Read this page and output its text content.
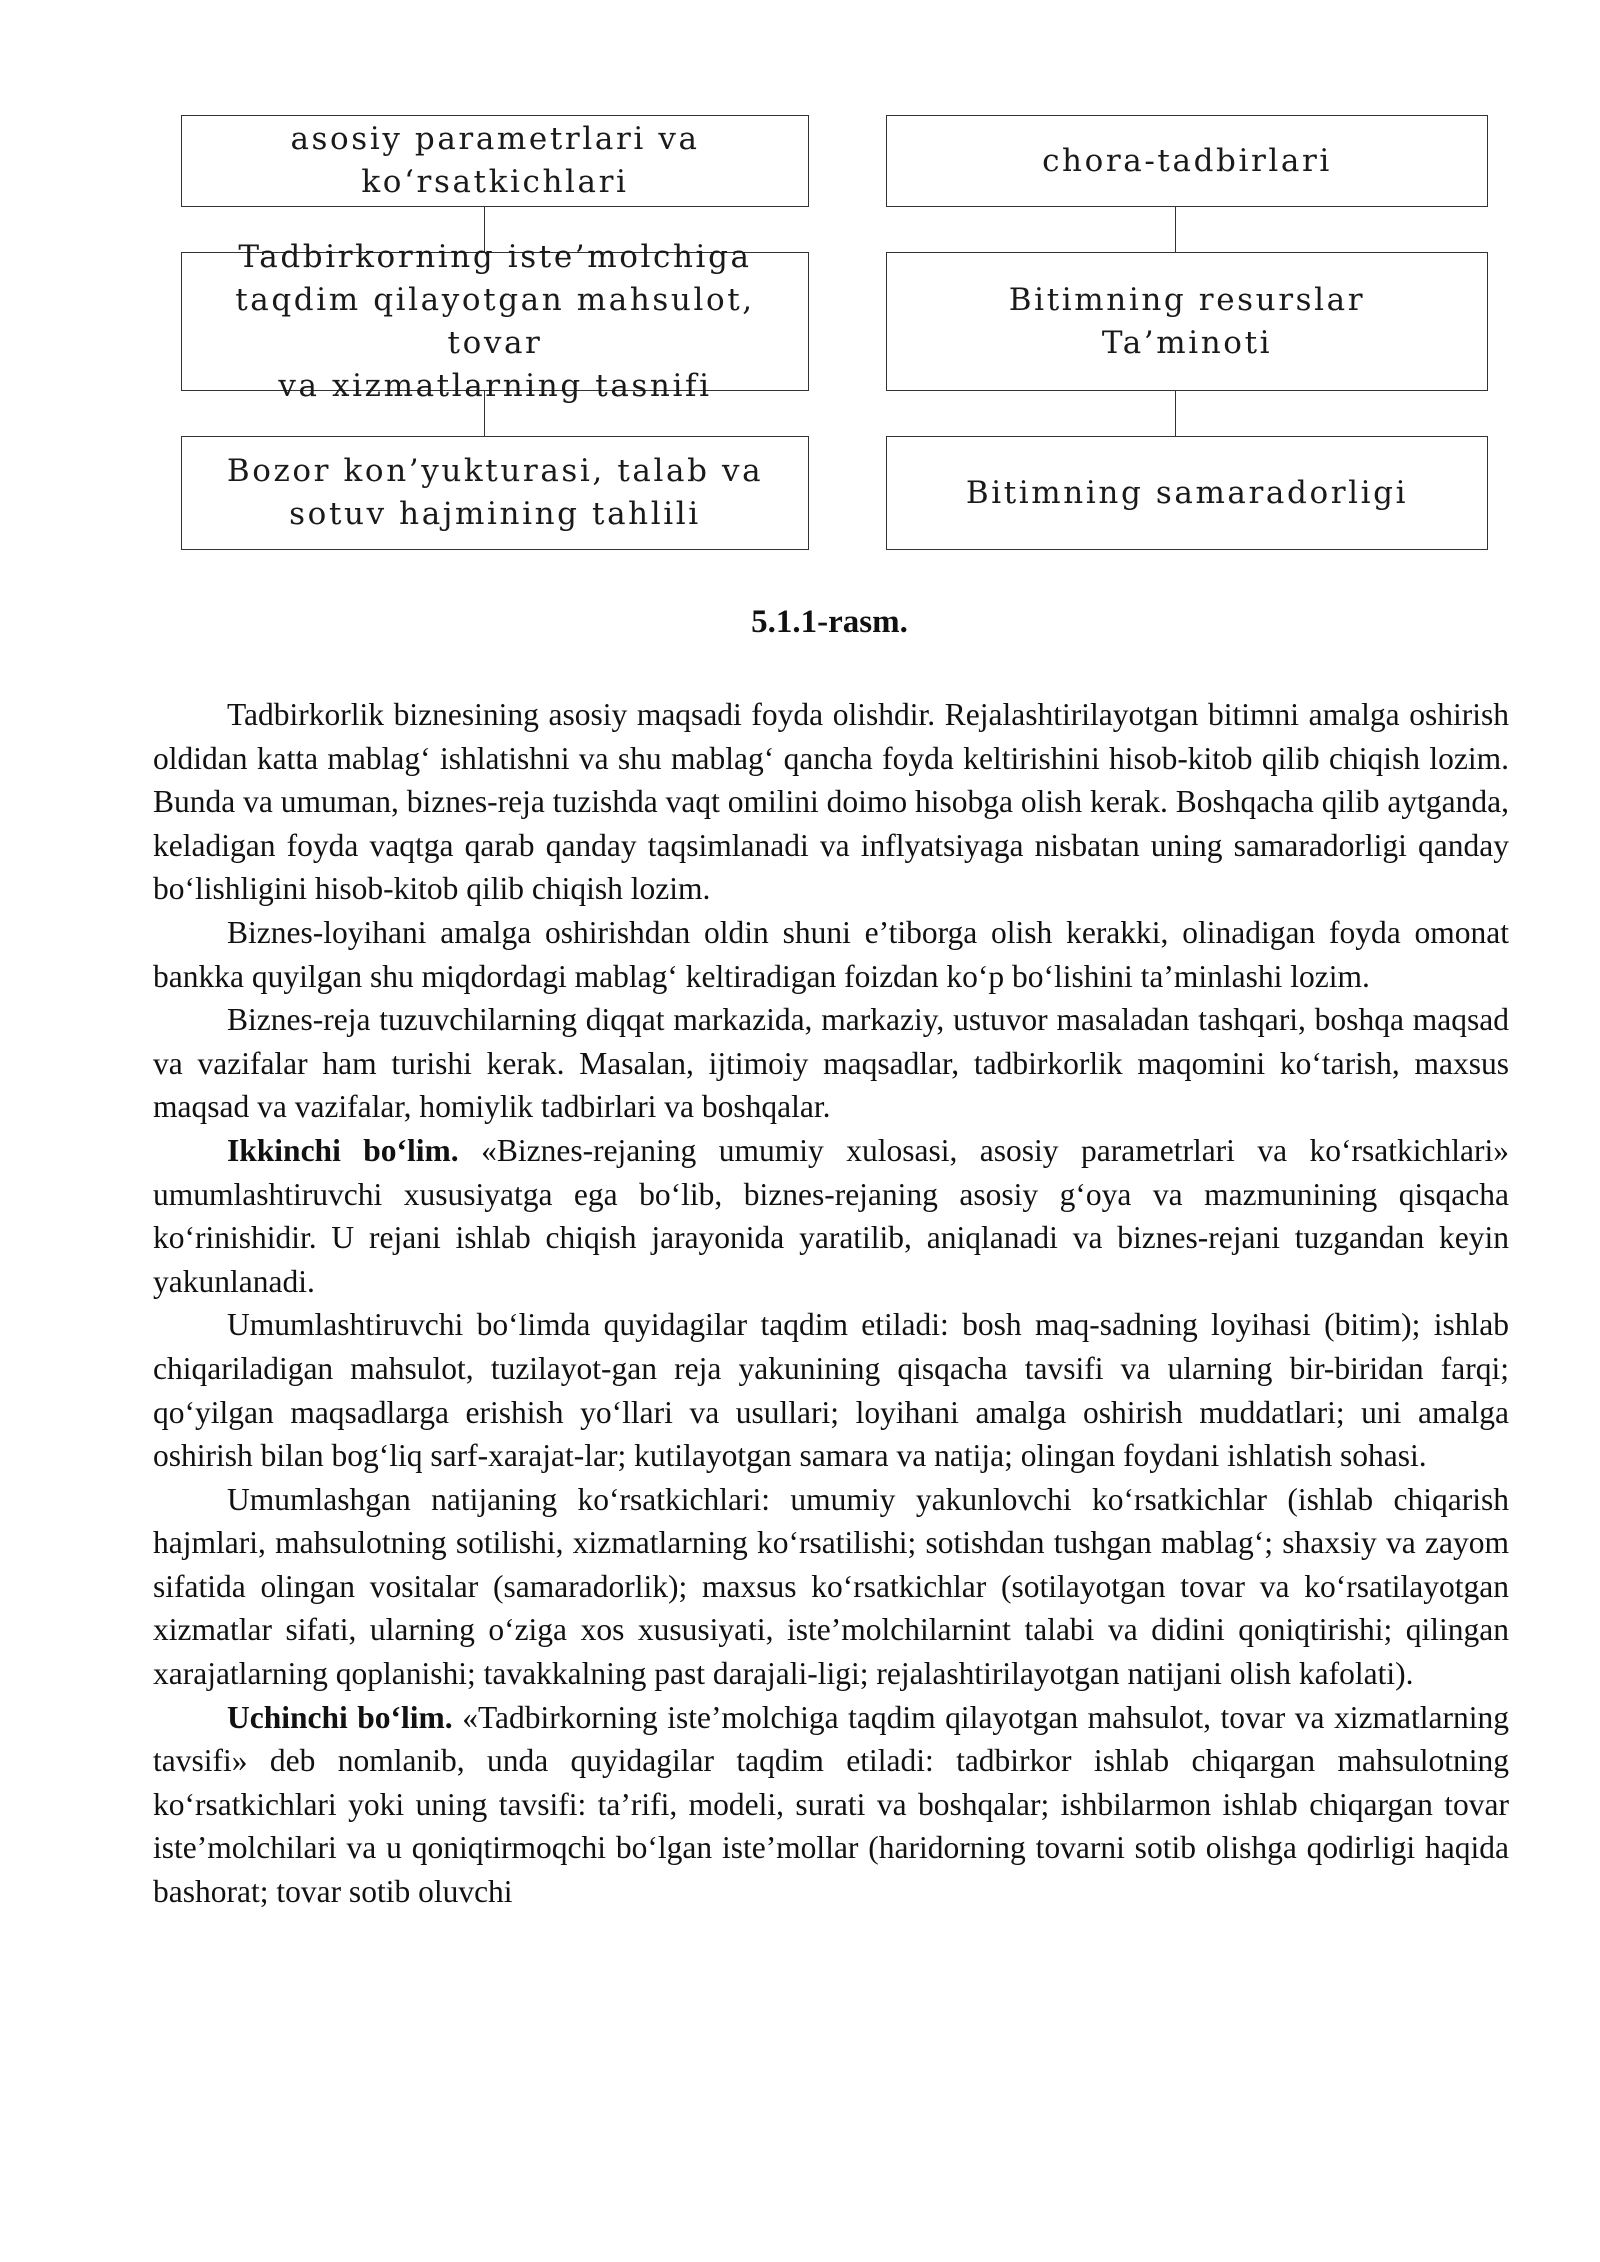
asosiy parametrlari va
ko‘rsatkichlari
Tadbirkorning iste’molchiga
taqdim qilayotgan mahsulot, tovar
va xizmatlarning tasnifi
Bozor kon’yukturasi, talab va
sotuv hajmining tahlili
chora-tadbirlari
Bitimning resurslar
Ta’minoti
Bitimning samaradorligi
5.1.1-rasm.

Tadbirkorlik biznesining asosiy maqsadi foyda olishdir. Rejalashtirilayotgan bitimni amalga oshirish oldidan katta mablag‘ ishlatishni va shu mablag‘ qancha foyda keltirishini hisob-kitob qilib chiqish lozim. Bunda va umuman, biznes-reja tuzishda vaqt omilini doimo hisobga olish kerak. Boshqacha qilib aytganda, keladigan foyda vaqtga qarab qanday taqsimlanadi va inflyatsiyaga nisbatan uning samaradorligi qanday bo‘lishligini hisob-kitob qilib chiqish lozim.

Biznes-loyihani amalga oshirishdan oldin shuni e’tiborga olish kerakki, olinadigan foyda omonat bankka quyilgan shu miqdordagi mablag‘ keltiradigan foizdan ko‘p bo‘lishini ta’minlashi lozim.

Biznes-reja tuzuvchilarning diqqat markazida, markaziy, ustuvor masaladan tashqari, boshqa maqsad va vazifalar ham turishi kerak. Masalan, ijtimoiy maqsadlar, tadbirkorlik maqomini ko‘tarish, maxsus maqsad va vazifalar, homiylik tadbirlari va boshqalar.

Ikkinchi bo‘lim. «Biznes-rejaning umumiy xulosasi, asosiy parametrlari va ko‘rsatkichlari» umumlashtiruvchi xususiyatga ega bo‘lib, biznes-rejaning asosiy g‘oya va mazmunining qisqacha ko‘rinishidir. U rejani ishlab chiqish jarayonida yaratilib, aniqlanadi va biznes-rejani tuzgandan keyin yakunlanadi.

Umumlashtiruvchi bo‘limda quyidagilar taqdim etiladi: bosh maq-sadning loyihasi (bitim); ishlab chiqariladigan mahsulot, tuzilayot-gan reja yakunining qisqacha tavsifi va ularning bir-biridan farqi; qo‘yilgan maqsadlarga erishish yo‘llari va usullari; loyihani amalga oshirish muddatlari; uni amalga oshirish bilan bog‘liq sarf-xarajat-lar; kutilayotgan samara va natija; olingan foydani ishlatish sohasi.

Umumlashgan natijaning ko‘rsatkichlari: umumiy yakunlovchi ko‘rsatkichlar (ishlab chiqarish hajmlari, mahsulotning sotilishi, xizmatlarning ko‘rsatilishi; sotishdan tushgan mablag‘; shaxsiy va zayom sifatida olingan vositalar (samaradorlik); maxsus ko‘rsatkichlar (sotilayotgan tovar va ko‘rsatilayotgan xizmatlar sifati, ularning o‘ziga xos xususiyati, iste’molchilarnint talabi va didini qoniqtirishi; qilingan xarajatlarning qoplanishi; tavakkalning past darajali-ligi; rejalashtirilayotgan natijani olish kafolati).

Uchinchi bo‘lim. «Tadbirkorning iste’molchiga taqdim qilayotgan mahsulot, tovar va xizmatlarning tavsifi» deb nomlanib, unda quyidagilar taqdim etiladi: tadbirkor ishlab chiqargan mahsulotning ko‘rsatkichlari yoki uning tavsifi: ta’rifi, modeli, surati va boshqalar; ishbilarmon ishlab chiqargan tovar iste’molchilari va u qoniqtirmoqchi bo‘lgan iste’mollar (haridorning tovarni sotib olishga qodirligi haqida bashorat; tovar sotib oluvchi
